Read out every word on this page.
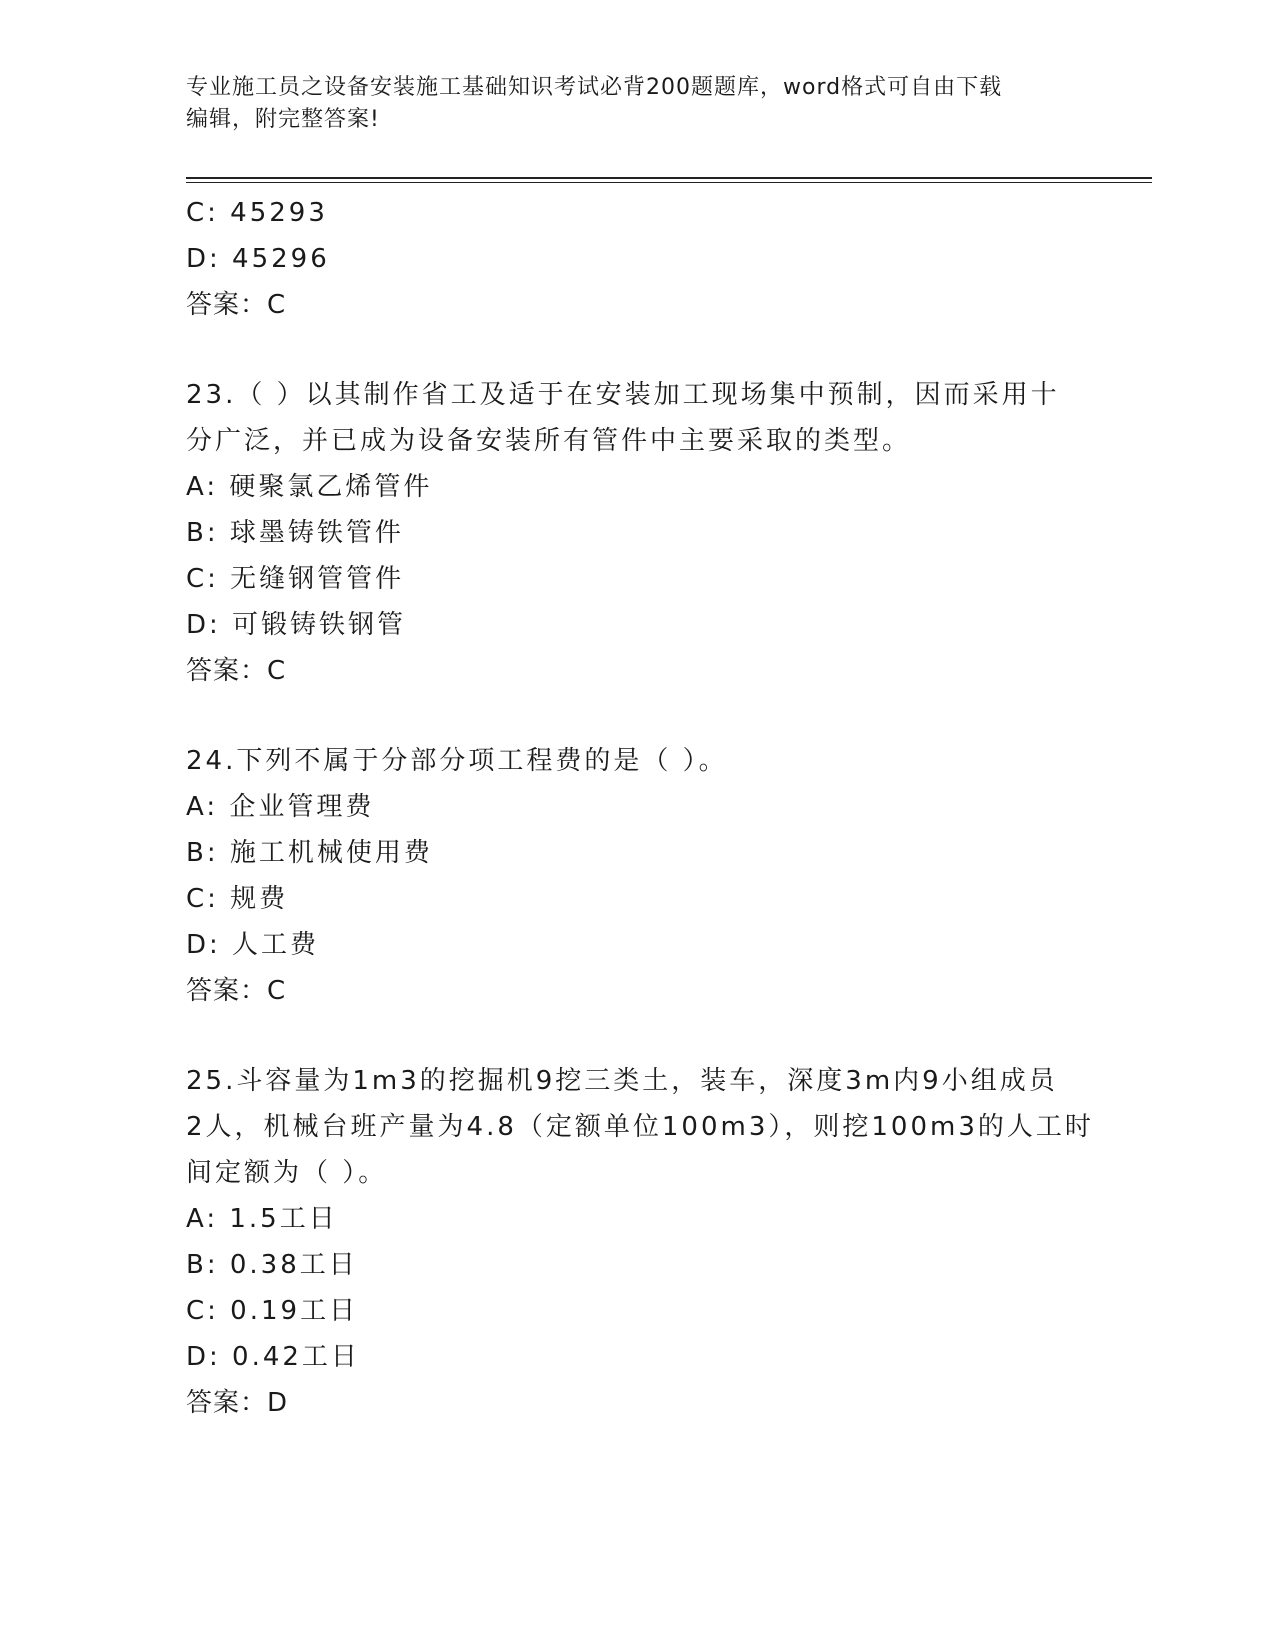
专业施工员之设备安装施工基础知识考试必背200题题库，word格式可自由下载
编辑，附完整答案!
C: 45293
D: 45296
答案：C
23.（ ）以其制作省工及适于在安装加工现场集中预制，因而采用十
分广泛，并已成为设备安装所有管件中主要采取的类型。
A: 硬聚氯乙烯管件
B: 球墨铸铁管件
C: 无缝钢管管件
D: 可锻铸铁钢管
答案：C
24.下列不属于分部分项工程费的是（ ）。
A: 企业管理费
B: 施工机械使用费
C: 规费
D: 人工费
答案：C
25.斗容量为1m3的挖掘机9挖三类土，装车，深度3m内9小组成员
2人，机械台班产量为4.8（定额单位100m3），则挖100m3的人工时
间定额为（ ）。
A: 1.5工日
B: 0.38工日
C: 0.19工日
D: 0.42工日
答案：D
